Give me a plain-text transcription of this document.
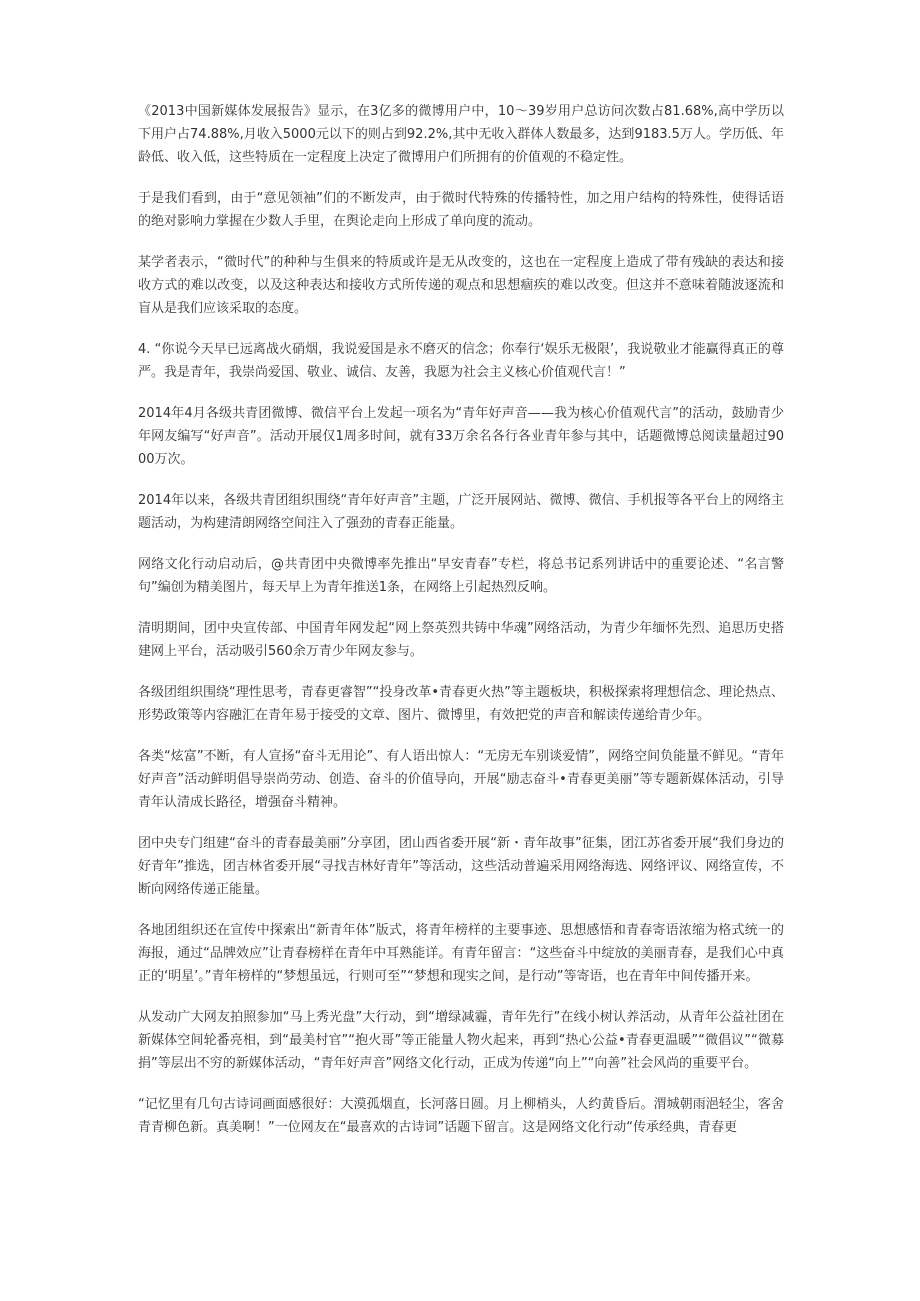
《2013中国新媒体发展报告》显示，在3亿多的微博用户中，10～39岁用户总访问次数占81.68%,高中学历以下用户占74.88%,月收入5000元以下的则占到92.2%,其中无收入群体人数最多，达到9183.5万人。学历低、年龄低、收入低，这些特质在一定程度上决定了微博用户们所拥有的价值观的不稳定性。

于是我们看到，由于“意见领袖”们的不断发声，由于微时代特殊的传播特性，加之用户结构的特殊性，使得话语的绝对影响力掌握在少数人手里，在舆论走向上形成了单向度的流动。

某学者表示，“微时代”的种种与生俱来的特质或许是无从改变的，这也在一定程度上造成了带有残缺的表达和接收方式的难以改变，以及这种表达和接收方式所传递的观点和思想痼疾的难以改变。但这并不意味着随波逐流和盲从是我们应该采取的态度。

4. “你说今天早已远离战火硝烟，我说爱国是永不磨灭的信念；你奉行‘娱乐无极限’，我说敬业才能赢得真正的尊严。我是青年，我崇尚爱国、敬业、诚信、友善，我愿为社会主义核心价值观代言！”

2014年4月各级共青团微博、微信平台上发起一项名为“青年好声音——我为核心价值观代言”的活动，鼓励青少年网友编写“好声音”。活动开展仅1周多时间，就有33万余名各行各业青年参与其中，话题微博总阅读量超过9000万次。

2014年以来，各级共青团组织围绕“青年好声音”主题，广泛开展网站、微博、微信、手机报等各平台上的网络主题活动，为构建清朗网络空间注入了强劲的青春正能量。

网络文化行动启动后，@共青团中央微博率先推出“早安青春”专栏，将总书记系列讲话中的重要论述、“名言警句”编创为精美图片，每天早上为青年推送1条，在网络上引起热烈反响。

清明期间，团中央宣传部、中国青年网发起“网上祭英烈共铸中华魂”网络活动，为青少年缅怀先烈、追思历史搭建网上平台，活动吸引560余万青少年网友参与。

各级团组织围绕“理性思考，青春更睿智”“投身改革•青春更火热”等主题板块，积极探索将理想信念、理论热点、形势政策等内容融汇在青年易于接受的文章、图片、微博里，有效把党的声音和解读传递给青少年。

各类“炫富”不断，有人宣扬“奋斗无用论”、有人语出惊人：“无房无车别谈爱情”，网络空间负能量不鲜见。“青年好声音”活动鲜明倡导崇尚劳动、创造、奋斗的价值导向，开展“励志奋斗•青春更美丽”等专题新媒体活动，引导青年认清成长路径，增强奋斗精神。

团中央专门组建“奋斗的青春最美丽”分享团，团山西省委开展“新・青年故事”征集，团江苏省委开展“我们身边的好青年”推选，团吉林省委开展“寻找吉林好青年”等活动，这些活动普遍采用网络海选、网络评议、网络宣传，不断向网络传递正能量。

各地团组织还在宣传中探索出“新青年体”版式，将青年榜样的主要事迹、思想感悟和青春寄语浓缩为格式统一的海报，通过“品牌效应”让青春榜样在青年中耳熟能详。有青年留言：“这些奋斗中绽放的美丽青春，是我们心中真正的‘明星’。”青年榜样的“梦想虽远，行则可至”“梦想和现实之间，是行动”等寄语，也在青年中间传播开来。

从发动广大网友拍照参加“马上秀光盘”大行动，到“增绿减霾，青年先行”在线小树认养活动，从青年公益社团在新媒体空间轮番亮相，到“最美村官”“抱火哥”等正能量人物火起来，再到“热心公益•青春更温暖”“微倡议”“微募捐”等层出不穷的新媒体活动，“青年好声音”网络文化行动，正成为传递“向上”“向善”社会风尚的重要平台。

“记忆里有几句古诗词画面感很好：大漠孤烟直，长河落日圆。月上柳梢头，人约黄昏后。渭城朝雨浥轻尘，客舍青青柳色新。真美啊！”一位网友在“最喜欢的古诗词”话题下留言。这是网络文化行动“传承经典，青春更
